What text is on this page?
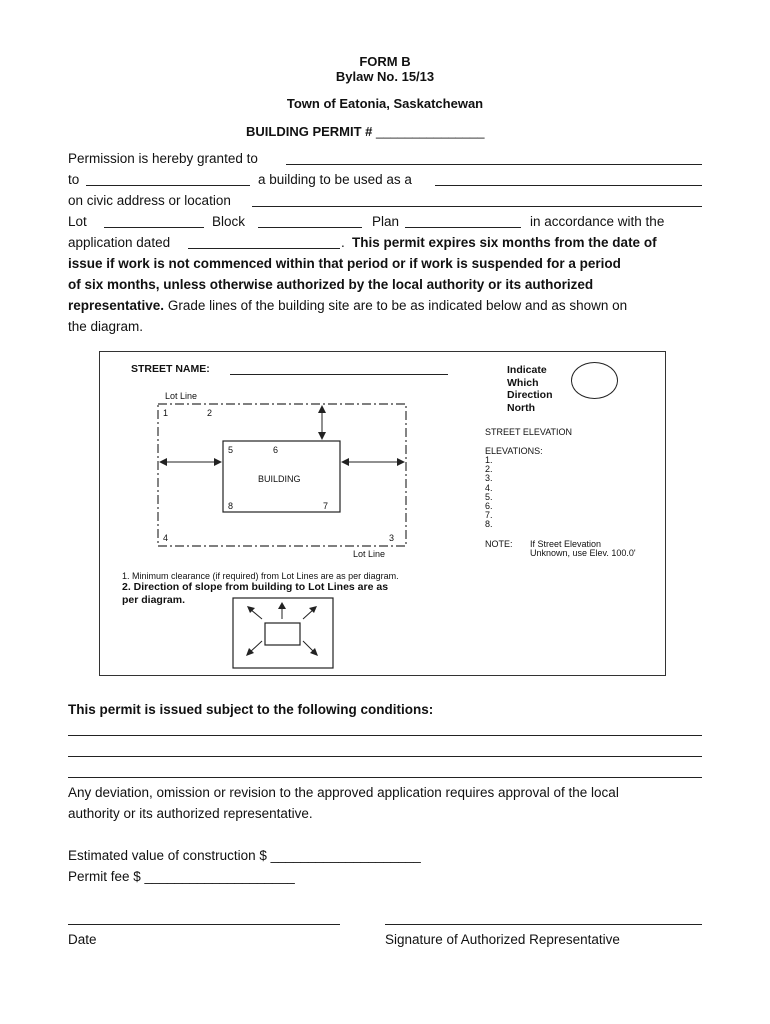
FORM B
Bylaw No. 15/13
Town of Eatonia, Saskatchewan
BUILDING PERMIT # _______________
Permission is hereby granted to
to	a building to be used as a
on civic address or location
Lot	Block	Plan	in accordance with the
application dated	. This permit expires six months from the date of
issue if work is not commenced within that period or if work is suspended for a period
of six months, unless otherwise authorized by the local authority or its authorized
representative. Grade lines of the building site are to be as indicated below and as shown on
the diagram.
STREET NAME:
Lot Line
1	2
4	3
Lot Line
5	6
BUILDING
8	7
Indicate
Which
Direction
North
STREET ELEVATION
ELEVATIONS:
1.
2.
3.
4.
5.
6.
7.
8.
NOTE: If Street Elevation
Unknown, use Elev. 100.0'
1. Minimum clearance (if required) from Lot Lines are as per diagram.
2. Direction of slope from building to Lot Lines are as
per diagram.
This permit is issued subject to the following conditions:
Any deviation, omission or revision to the approved application requires approval of the local
authority or its authorized representative.
Estimated value of construction $ ____________________
Permit fee $ ____________________
Date	Signature of Authorized Representative
